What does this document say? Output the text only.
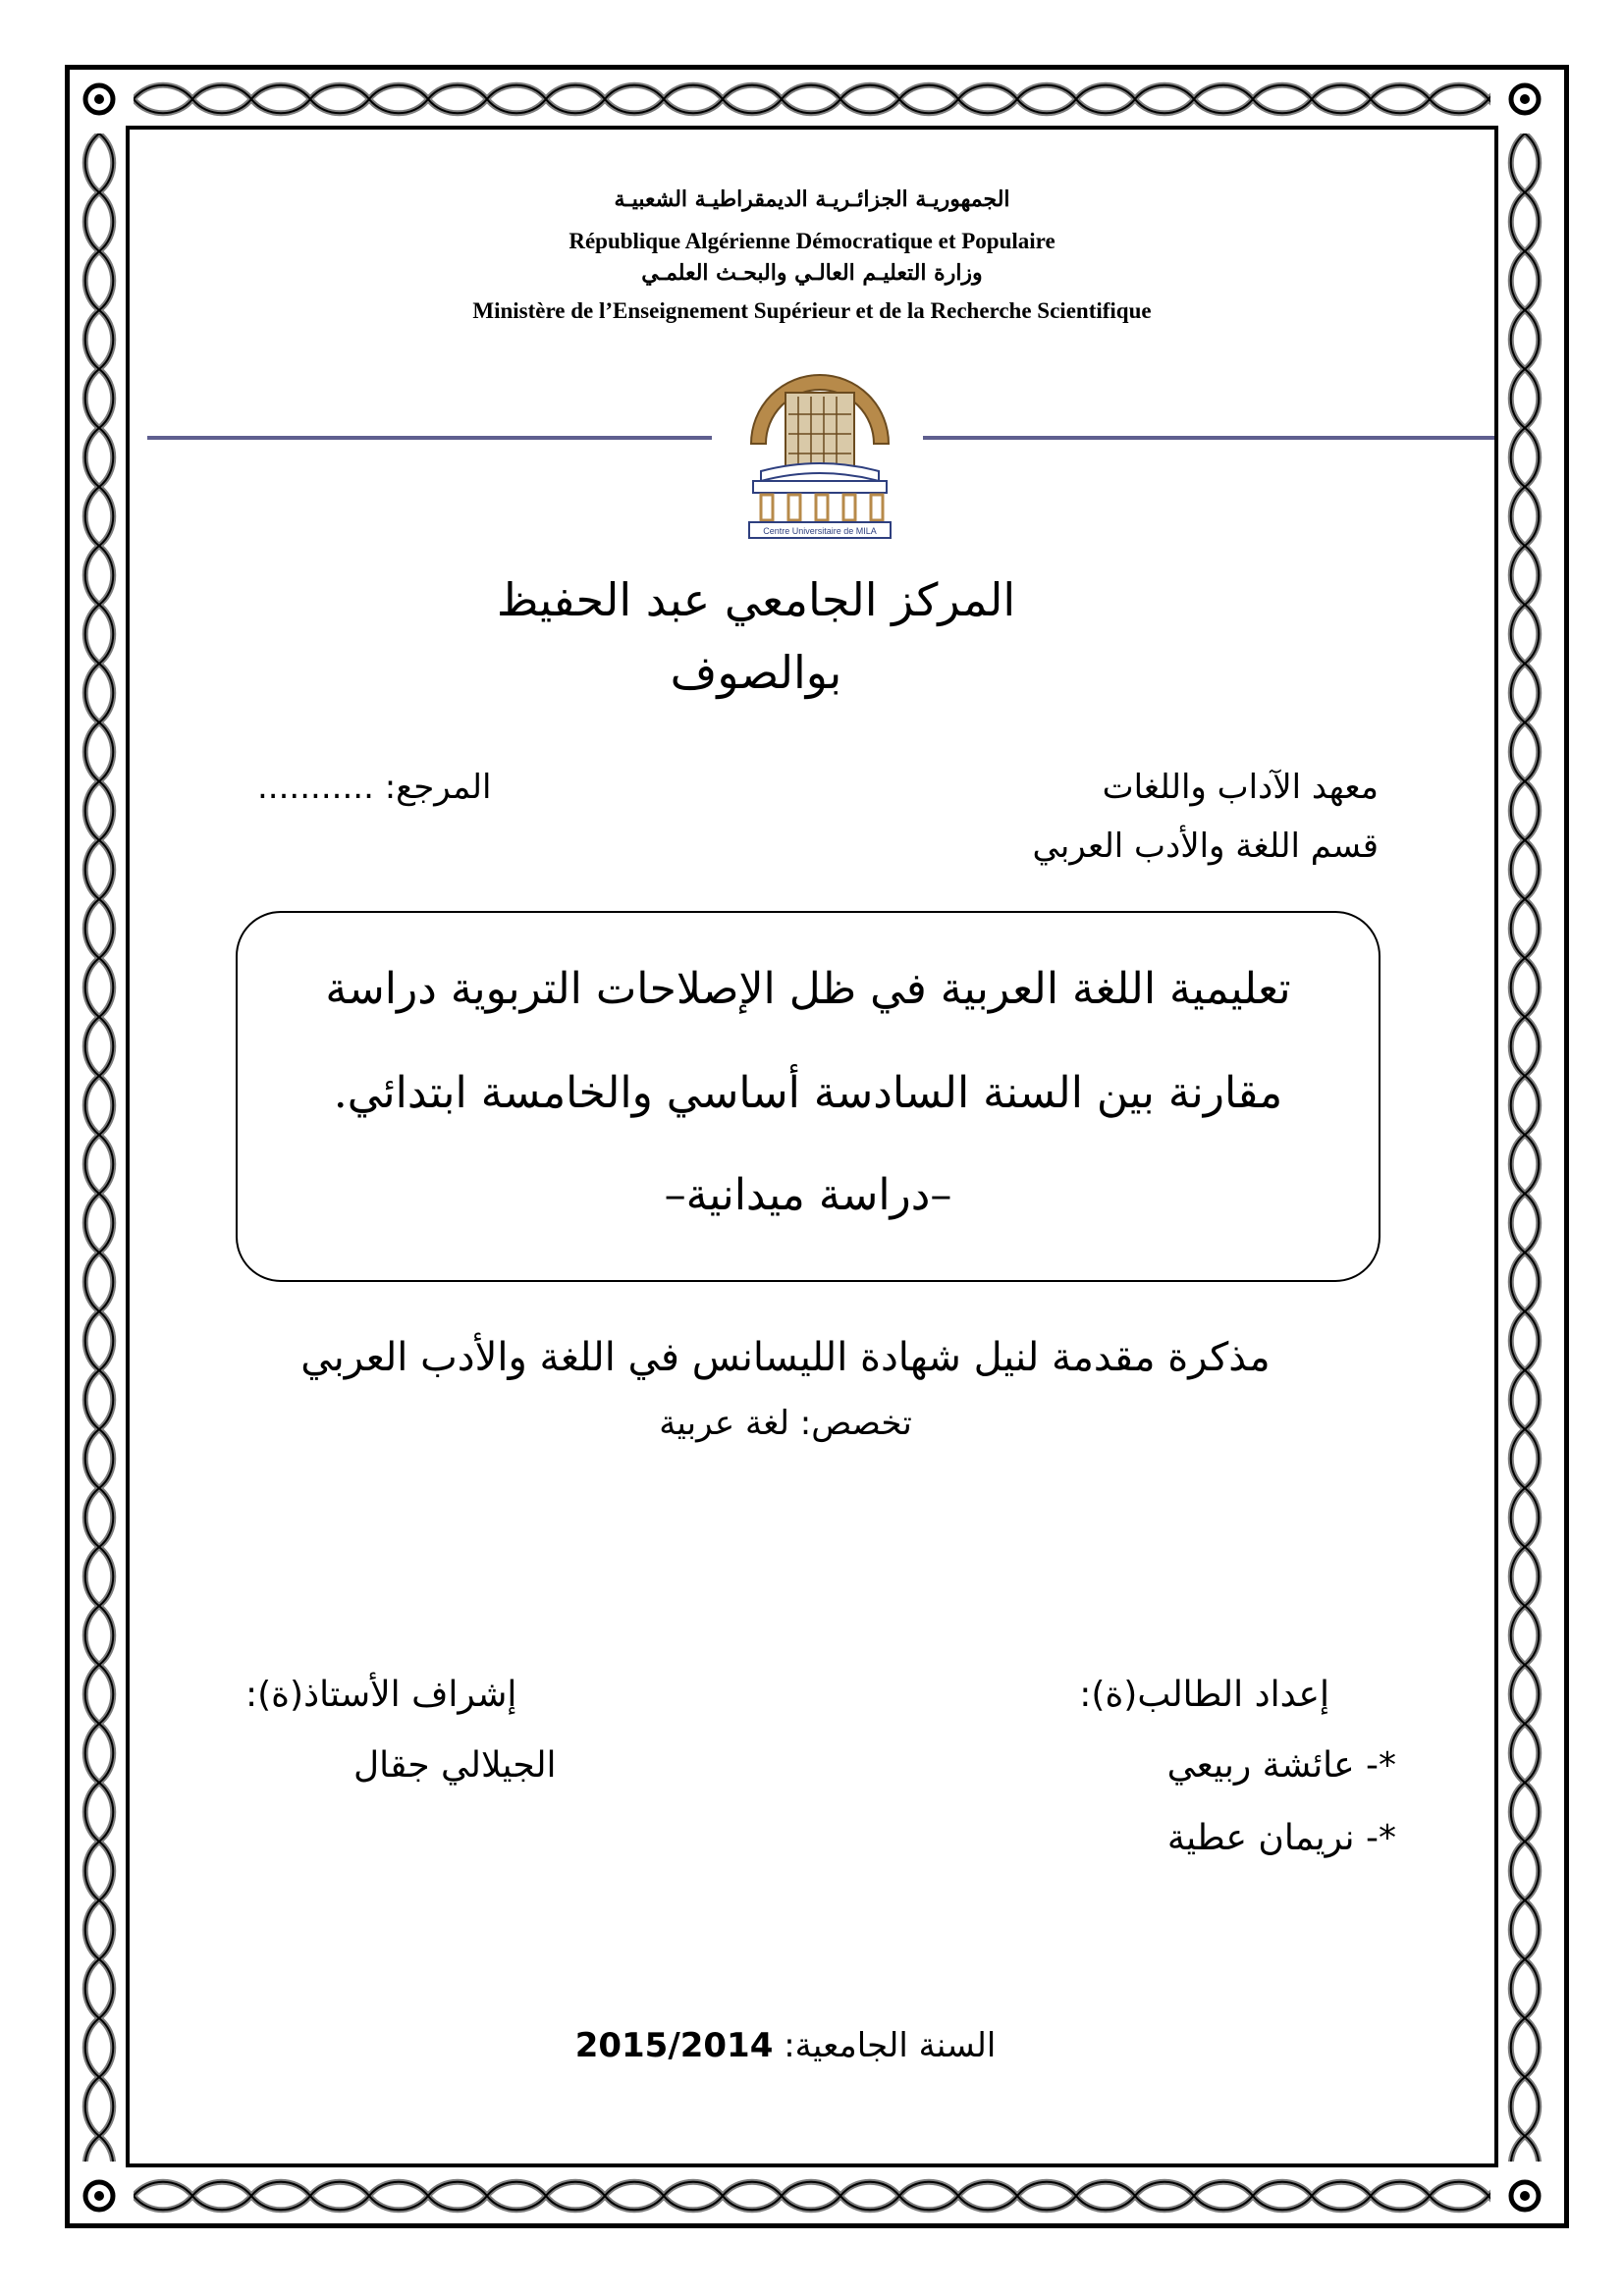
الجمهوريـة الجزائـريـة الديمقراطيـة الشعبيـة
République Algérienne Démocratique et Populaire
وزارة التعليـم العالـي والبحـث العلمـي
Ministère de l’Enseignement Supérieur et de la Recherche Scientifique
Centre Universitaire de MILA
المركز الجامعي عبد الحفيظ
بوالصوف
معهد الآداب واللغات
قسم اللغة والأدب العربي
المرجع: ...........
تعليمية اللغة العربية في ظل الإصلاحات التربوية دراسة
مقارنة بين السنة السادسة أساسي والخامسة ابتدائي.
–دراسة ميدانية–
مذكرة مقدمة لنيل شهادة الليسانس في اللغة والأدب العربي
تخصص: لغة عربية
إعداد الطالب(ة):
*- عائشة ربيعي
*- نريمان عطية
إشراف الأستاذ(ة):
الجيلالي جقال
السنة الجامعية: 2015/2014
